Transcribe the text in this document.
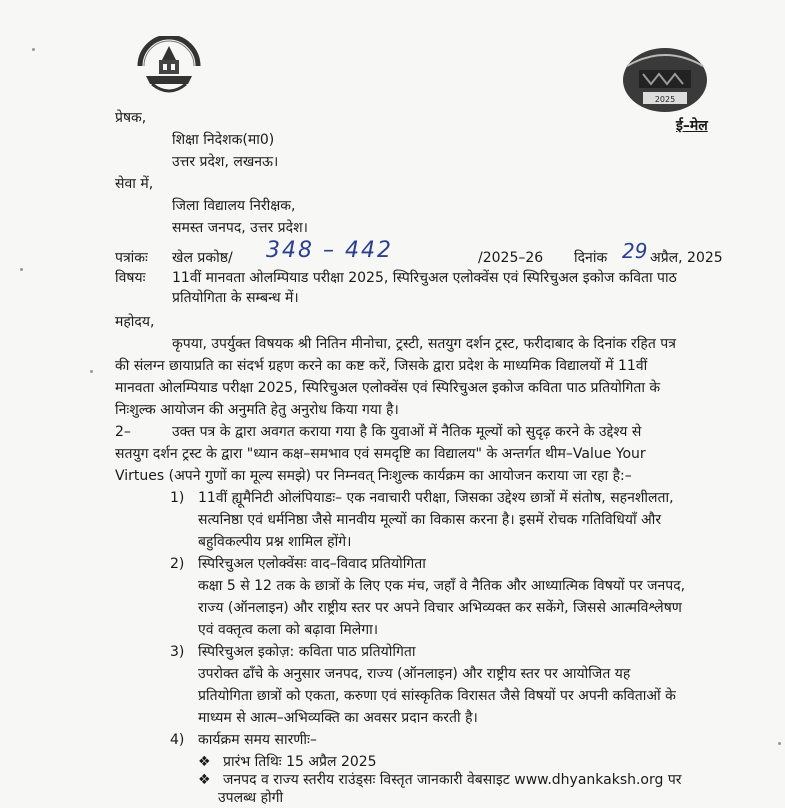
2025
ई–मेल
प्रेषक,
शिक्षा निदेशक(मा0)
उत्तर प्रदेश, लखनऊ।
सेवा में,
जिला विद्यालय निरीक्षक,
समस्त जनपद, उत्तर प्रदेश।
पत्रांकः खेल प्रकोष्ठ/ 348 – 442	/2025–26 दिनांक 29 अप्रैल, 2025
विषयः 11वीं मानवता ओलम्पियाड परीक्षा 2025, स्पिरिचुअल एलोक्वेंस एवं स्पिरिचुअल इकोज कविता पाठ
प्रतियोगिता के सम्बन्ध में।
महोदय,
कृपया, उपर्युक्त विषयक श्री नितिन मीनोचा, ट्रस्टी, सतयुग दर्शन ट्रस्ट, फरीदाबाद के दिनांक रहित पत्र
की संलग्न छायाप्रति का संदर्भ ग्रहण करने का कष्ट करें, जिसके द्वारा प्रदेश के माध्यमिक विद्यालयों में 11वीं
मानवता ओलम्पियाड परीक्षा 2025, स्पिरिचुअल एलोक्वेंस एवं स्पिरिचुअल इकोज कविता पाठ प्रतियोगिता के
निःशुल्क आयोजन की अनुमति हेतु अनुरोध किया गया है।
2–	उक्त पत्र के द्वारा अवगत कराया गया है कि युवाओं में नैतिक मूल्यों को सुदृढ़ करने के उद्देश्य से
सतयुग दर्शन ट्रस्ट के द्वारा "ध्यान कक्ष–समभाव एवं समदृष्टि का विद्यालय" के अन्तर्गत थीम–Value Your
Virtues (अपने गुणों का मूल्य समझे) पर निम्नवत् निःशुल्क कार्यक्रम का आयोजन कराया जा रहा है:–
1) 11वीं ह्यूमैनिटी ओलंपियाडः– एक नवाचारी परीक्षा, जिसका उद्देश्य छात्रों में संतोष, सहनशीलता,
सत्यनिष्ठा एवं धर्मनिष्ठा जैसे मानवीय मूल्यों का विकास करना है। इसमें रोचक गतिविधियाँ और
बहुविकल्पीय प्रश्न शामिल होंगे।
2) स्पिरिचुअल एलोक्वेंसः वाद–विवाद प्रतियोगिता
कक्षा 5 से 12 तक के छात्रों के लिए एक मंच, जहाँ वे नैतिक और आध्यात्मिक विषयों पर जनपद,
राज्य (ऑनलाइन) और राष्ट्रीय स्तर पर अपने विचार अभिव्यक्त कर सकेंगे, जिससे आत्मविश्लेषण
एवं वक्तृत्व कला को बढ़ावा मिलेगा।
3) स्पिरिचुअल इकोज़: कविता पाठ प्रतियोगिता
उपरोक्त ढाँचे के अनुसार जनपद, राज्य (ऑनलाइन) और राष्ट्रीय स्तर पर आयोजित यह
प्रतियोगिता छात्रों को एकता, करुणा एवं सांस्कृतिक विरासत जैसे विषयों पर अपनी कविताओं के
माध्यम से आत्म–अभिव्यक्ति का अवसर प्रदान करती है।
4) कार्यक्रम समय सारणीः–
❖ प्रारंभ तिथिः 15 अप्रैल 2025
❖ जनपद व राज्य स्तरीय राउंड्सः विस्तृत जानकारी वेबसाइट www.dhyankaksh.org पर
उपलब्ध होगी
